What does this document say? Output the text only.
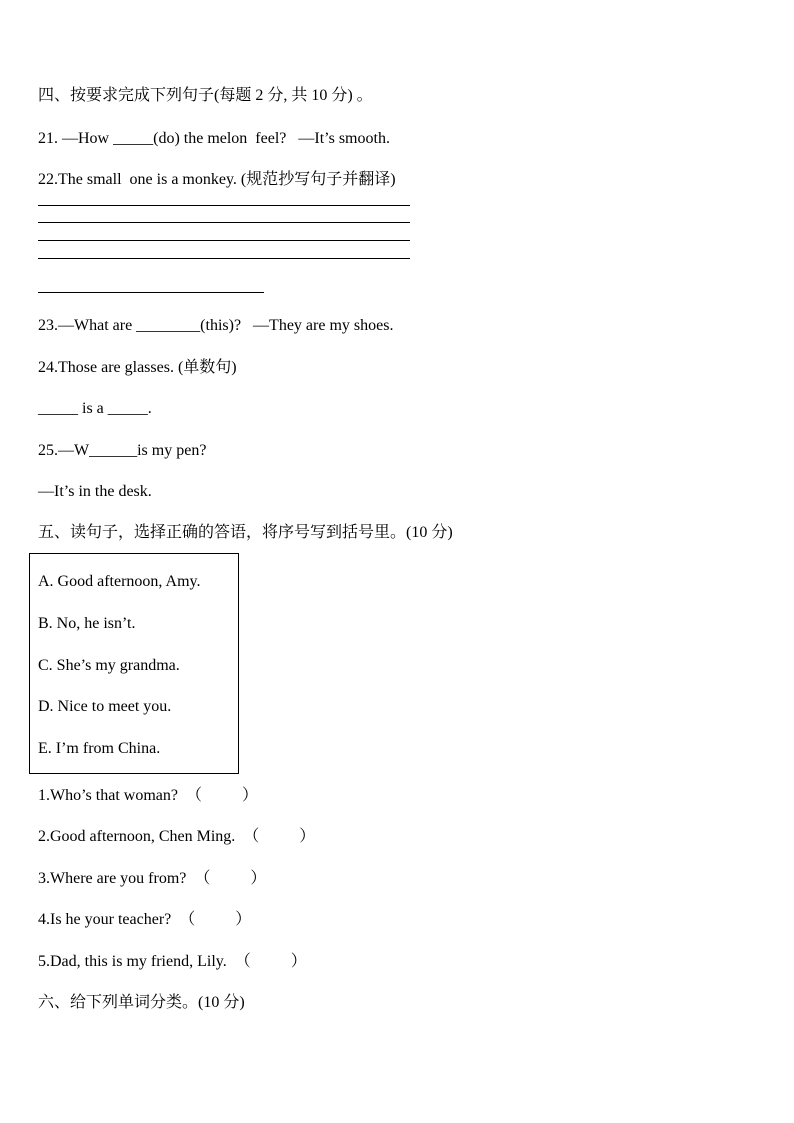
四、按要求完成下列句子(每题 2 分, 共 10 分) 。
21. —How _____(do) the melon  feel?   —It’s smooth.
22.The small  one is a monkey. (规范抄写句子并翻译)
23.—What are ________(this)?   —They are my shoes.
24.Those are glasses. (单数句)
_____ is a _____.
25.—W______is my pen?
—It’s in the desk.
五、读句子，选择正确的答语，将序号写到括号里。(10 分)
A. Good afternoon, Amy.
B. No, he isn’t.
C. She’s my grandma.
D. Nice to meet you.
E. I’m from China.
1.Who’s that woman?  （          ）
2.Good afternoon, Chen Ming.  （          ）
3.Where are you from?  （          ）
4.Is he your teacher?  （          ）
5.Dad, this is my friend, Lily.  （          ）
六、给下列单词分类。(10 分)
